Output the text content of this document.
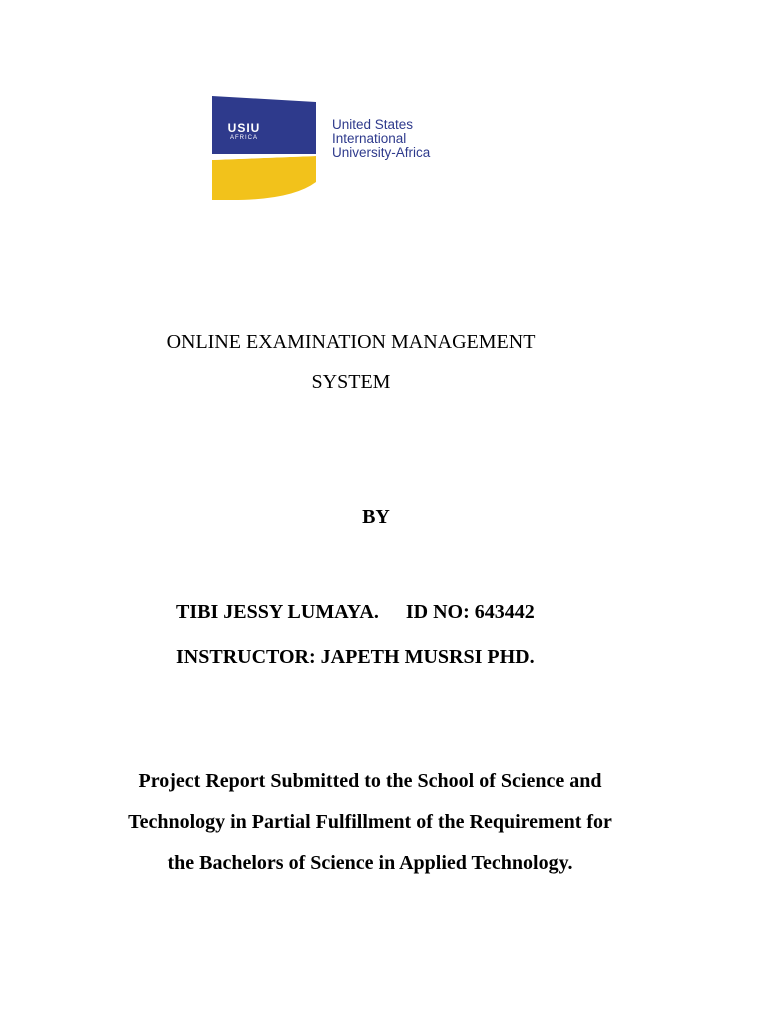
USIU
AFRICA
United States
International
University-Africa
ONLINE EXAMINATION MANAGEMENT
SYSTEM
BY
TIBI JESSY LUMAYA. ID NO: 643442
INSTRUCTOR: JAPETH MUSRSI PHD.
Project Report Submitted to the School of Science and
Technology in Partial Fulfillment of the Requirement for
the Bachelors of Science in Applied Technology.
